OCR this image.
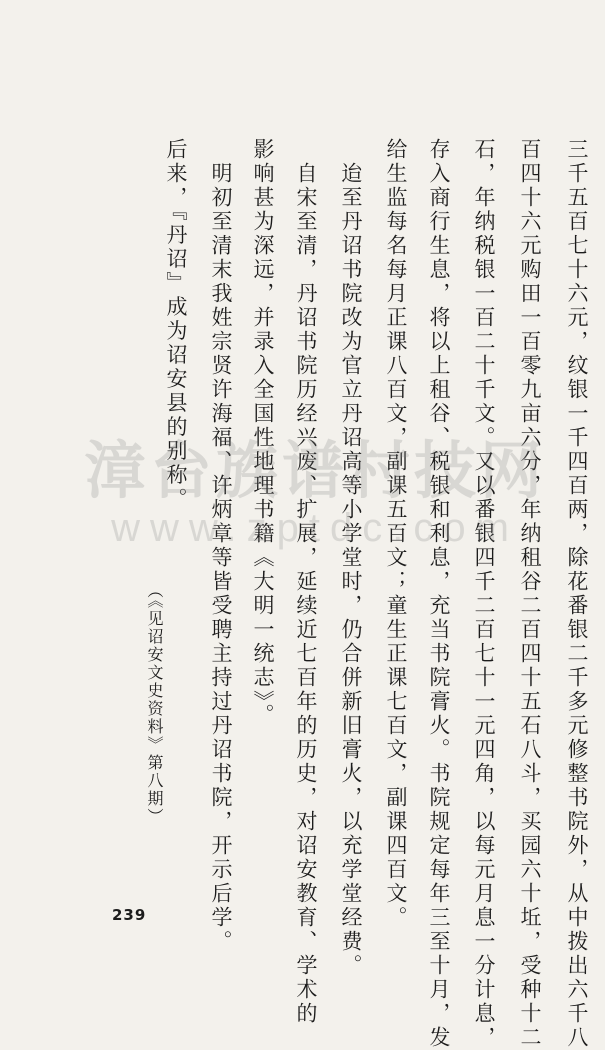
三千五百七十六元，纹银一千四百两，除花番银二千多元修整书院外，从中拨出六千八
百四十六元购田一百零九亩六分，年纳租谷二百四十五石八斗，买园六十坵，受种十二
石，年纳税银一百二十千文。又以番银四千二百七十一元四角，以每元月息一分计息，
存入商行生息，将以上租谷、税银和利息，充当书院膏火。书院规定每年三至十月，发
给生监每名每月正课八百文，副课五百文；童生正课七百文，副课四百文。
迨至丹诏书院改为官立丹诏高等小学堂时，仍合併新旧膏火，以充学堂经费。
自宋至清，丹诏书院历经兴废、扩展，延续近七百年的历史，对诏安教育、学术的
影响甚为深远，并录入全国性地理书籍《大明一统志》。
明初至清末我姓宗贤许海福、许炳章等皆受聘主持过丹诏书院，开示后学。
后来，『丹诏』成为诏安县的别称。
（《见诏安文史资料》第八期）
239
漳台族谱村技网
www.zptdc.com
